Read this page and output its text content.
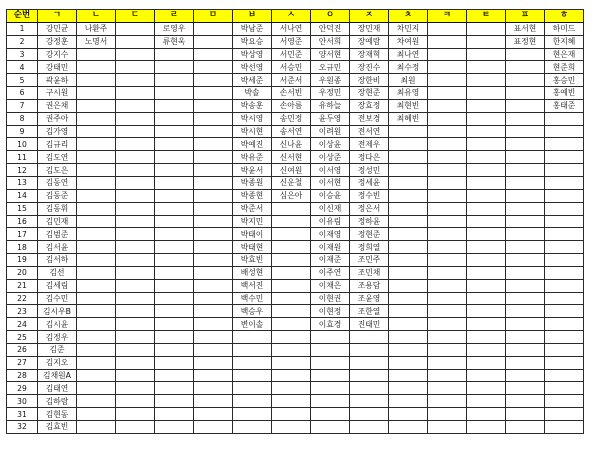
순번	ㄱ	ㄴ	ㄷ	ㄹ	ㅁ	ㅂ	ㅅ	ㅇ	ㅈ	ㅊ	ㅋ	ㅌ	ㅍ	ㅎ
1	강민균	나환주		로영우		박남준	서나연	안덕진	장민재	차민지			표서현	하미드
2	강정훈	노명서		류현욱		박요승	서영준	안서희	장예람	차여원			표정현	한지혜
3	강지수					박상영	서민준	양서현	장재혁	최나연				현은재
4	강태민					박선영	서승민	오규민	장진수	최수정				현준희
5	곽윤하					박세준	서준서	우원종	장한비	최원				홍승민
6	구시원					박솔	손서빈	우정민	장현준	최유영				홍예빈
7	권은채					박송훈	손아름	유하늘	장효정	최현빈				홍태준
8	권주아					박시영	송민정	윤두영	전보경	최혜빈				
9	김가영					박시현	송서연	이려원	전서연					
10	김규리					박예진	신나윤	이상윤	전제우					
11	김도연					박유준	신서현	이상준	정다은					
12	김도은					박윤서	신여원	이서영	정성민					
13	김동연					박종원	신운철	이서현	정세윤					
14	김동준					박종현	심은아	이승윤	정수빈					
15	김동휘					박준서		이신재	정은서					
16	김민재					박지민		이유림	정하윤					
17	김범준					박태이		이재영	정현준					
18	김서윤					박태현		이재원	정희열					
19	김서하					박효빈		이재준	조민주					
20	김선					배성현		이주연	조민채					
21	김세림					백서진		이채은	조용담					
22	김수민					백수민		이현권	조윤영					
23	김시우B					백승우		이현정	조한열					
24	김시윤					변이솔		이효경	진태민					
25	김정우													
26	김준													
27	김지오													
28	김채원A													
29	김태연													
30	김하람													
31	김현동													
32	김효빈													
